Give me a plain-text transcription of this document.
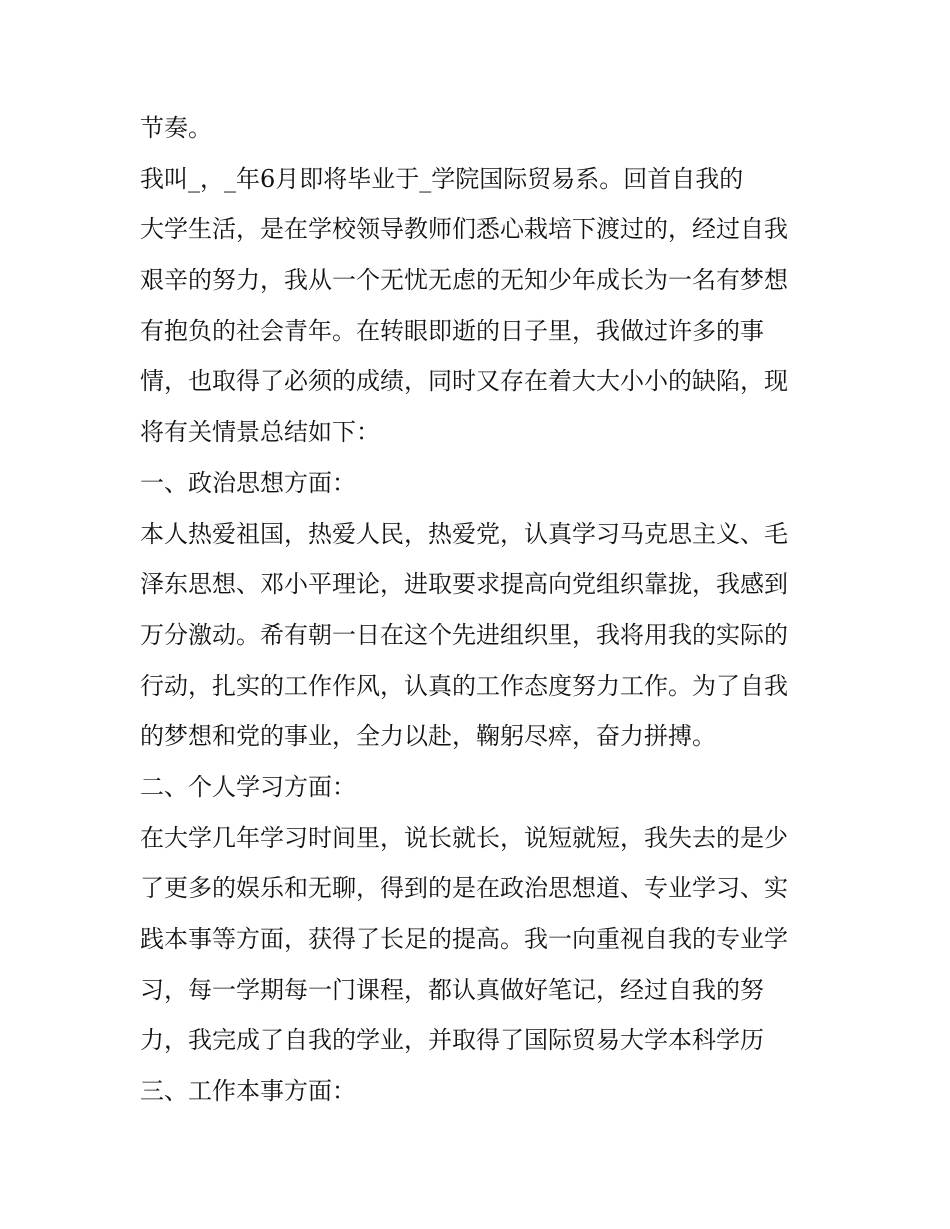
节奏。
我叫_，_年6月即将毕业于_学院国际贸易系。回首自我的
大学生活，是在学校领导教师们悉心栽培下渡过的，经过自我
艰辛的努力，我从一个无忧无虑的无知少年成长为一名有梦想
有抱负的社会青年。在转眼即逝的日子里，我做过许多的事
情，也取得了必须的成绩，同时又存在着大大小小的缺陷，现
将有关情景总结如下：
一、政治思想方面：
本人热爱祖国，热爱人民，热爱党，认真学习马克思主义、毛
泽东思想、邓小平理论，进取要求提高向党组织靠拢，我感到
万分激动。希有朝一日在这个先进组织里，我将用我的实际的
行动，扎实的工作作风，认真的工作态度努力工作。为了自我
的梦想和党的事业，全力以赴，鞠躬尽瘁，奋力拼搏。
二、个人学习方面：
在大学几年学习时间里，说长就长，说短就短，我失去的是少
了更多的娱乐和无聊，得到的是在政治思想道、专业学习、实
践本事等方面，获得了长足的提高。我一向重视自我的专业学
习，每一学期每一门课程，都认真做好笔记，经过自我的努
力，我完成了自我的学业，并取得了国际贸易大学本科学历
三、工作本事方面：
